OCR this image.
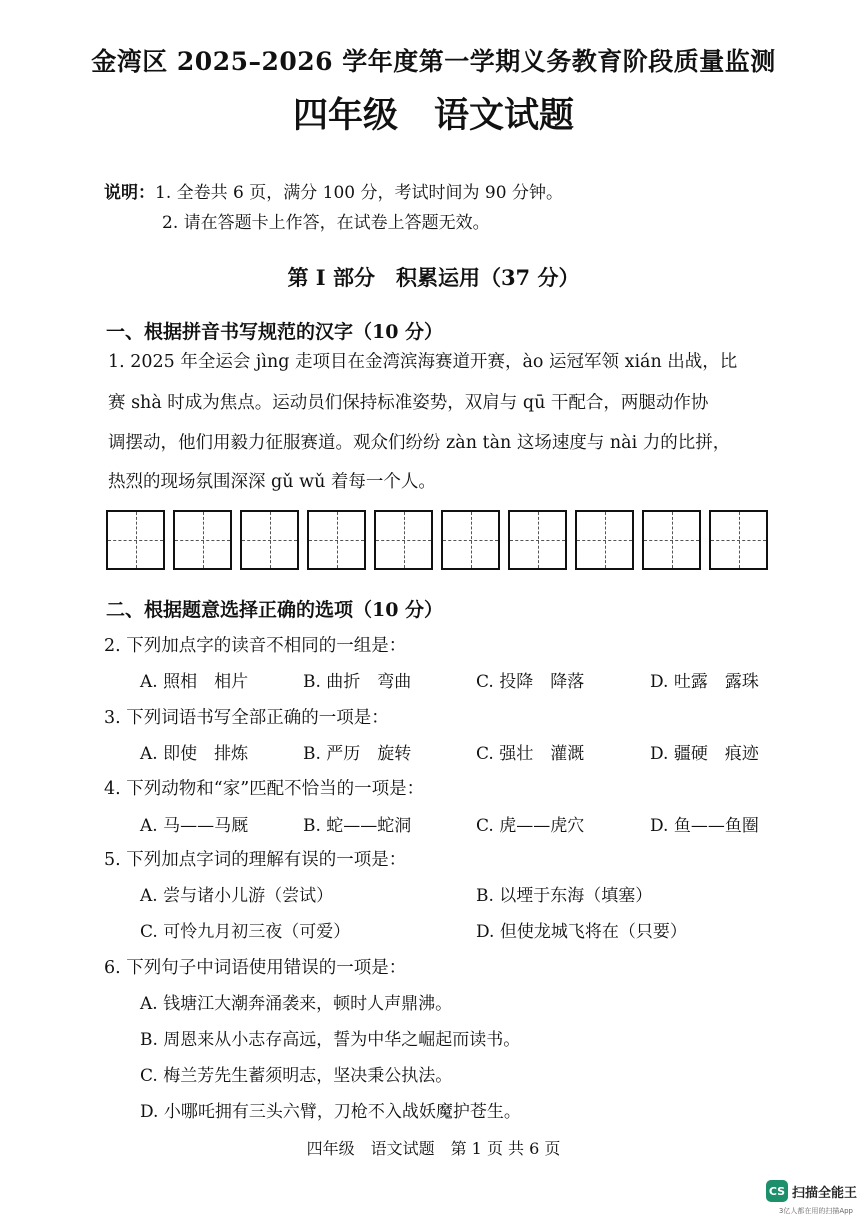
金湾区 2025–2026 学年度第一学期义务教育阶段质量监测
四年级 语文试题
说明：1. 全卷共 6 页，满分 100 分，考试时间为 90 分钟。
2. 请在答题卡上作答，在试卷上答题无效。
第 I 部分　积累运用（37 分）
一、根据拼音书写规范的汉字（10 分）
1. 2025 年全运会 jìng 走项目在金湾滨海赛道开赛，ào 运冠军领 xián 出战，比
赛 shà 时成为焦点。运动员们保持标准姿势，双肩与 qū 干配合，两腿动作协
调摆动，他们用毅力征服赛道。观众们纷纷 zàn tàn 这场速度与 nài 力的比拼，
热烈的现场氛围深深 gǔ wǔ 着每一个人。
二、根据题意选择正确的选项（10 分）
2. 下列加点字的读音不相同的一组是：
A. 照相　相片	B. 曲折　弯曲	C. 投降　降落	D. 吐露　露珠
3. 下列词语书写全部正确的一项是：
A. 即使　排炼	B. 严历　旋转	C. 强壮　灌溉	D. 疆硬　痕迹
4. 下列动物和“家”匹配不恰当的一项是：
A. 马——马厩	B. 蛇——蛇洞	C. 虎——虎穴	D. 鱼——鱼圈
5. 下列加点字词的理解有误的一项是：
A. 尝与诸小儿游（尝试）	B. 以堙于东海（填塞）
C. 可怜九月初三夜（可爱）	D. 但使龙城飞将在（只要）
6. 下列句子中词语使用错误的一项是：
A. 钱塘江大潮奔涌袭来，顿时人声鼎沸。
B. 周恩来从小志存高远，誓为中华之崛起而读书。
C. 梅兰芳先生蓄须明志，坚决秉公执法。
D. 小哪吒拥有三头六臂，刀枪不入战妖魔护苍生。
四年级　语文试题　第 1 页 共 6 页
CS 扫描全能王
3亿人都在用的扫描App
